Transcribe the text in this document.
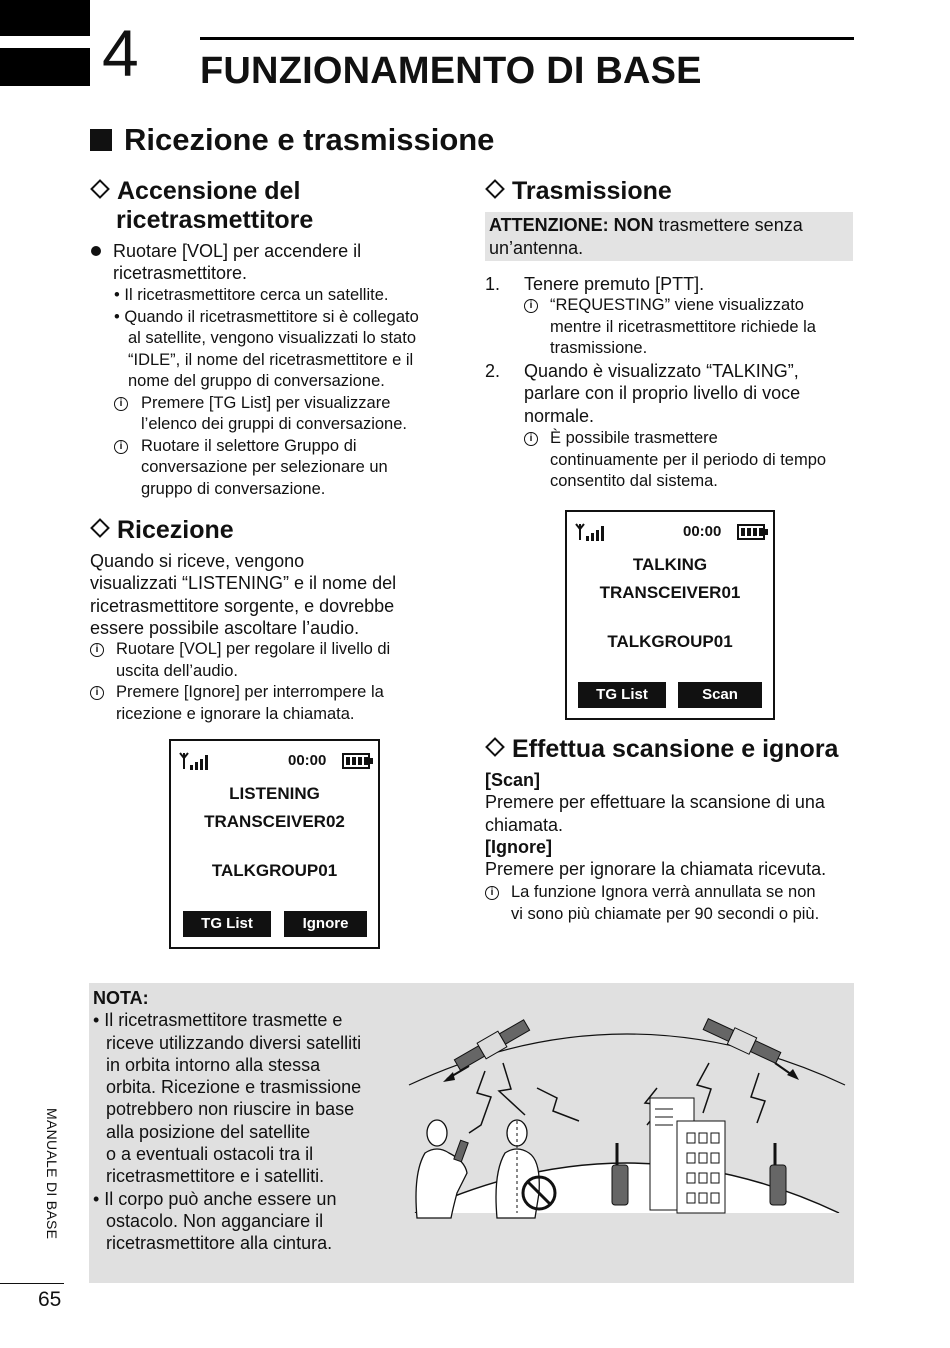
4 FUNZIONAMENTO DI BASE
Ricezione e trasmissione
Accensione del
ricetrasmettitore
Ruotare [VOL] per accendere il
ricetrasmettitore.
• Il ricetrasmettitore cerca un satellite.
• Quando il ricetrasmettitore si è collegato
al satellite, vengono visualizzati lo stato
“IDLE”, il nome del ricetrasmettitore e il
nome del gruppo di conversazione.
i	Premere [TG List] per visualizzare
l’elenco dei gruppi di conversazione.
i	Ruotare il selettore Gruppo di
conversazione per selezionare un
gruppo di conversazione.
Ricezione
Quando si riceve, vengono
visualizzati “LISTENING” e il nome del
ricetrasmettitore sorgente, e dovrebbe
essere possibile ascoltare l’audio.
i	Ruotare [VOL] per regolare il livello di
uscita dell’audio.
i	Premere [Ignore] per interrompere la
ricezione e ignorare la chiamata.
00:00
LISTENING
TRANSCEIVER02
TALKGROUP01
TG List	Ignore
Trasmissione
ATTENZIONE: NON trasmettere senza
un’antenna.
1.	Tenere premuto [PTT].
i	“REQUESTING” viene visualizzato
mentre il ricetrasmettitore richiede la
trasmissione.
2.	Quando è visualizzato “TALKING”,
parlare con il proprio livello di voce
normale.
i	È possibile trasmettere
continuamente per il periodo di tempo
consentito dal sistema.
00:00
TALKING
TRANSCEIVER01
TALKGROUP01
TG List	Scan
Effettua scansione e ignora
[Scan]
Premere per effettuare la scansione di una
chiamata.
[Ignore]
Premere per ignorare la chiamata ricevuta.
i	La funzione Ignora verrà annullata se non
vi sono più chiamate per 90 secondi o più.
NOTA:
• Il ricetrasmettitore trasmette e
riceve utilizzando diversi satelliti
in orbita intorno alla stessa
orbita. Ricezione e trasmissione
potrebbero non riuscire in base
alla posizione del satellite
o a eventuali ostacoli tra il
ricetrasmettitore e i satelliti.
• Il corpo può anche essere un
ostacolo. Non agganciare il
ricetrasmettitore alla cintura.
MANUALE DI BASE
65
